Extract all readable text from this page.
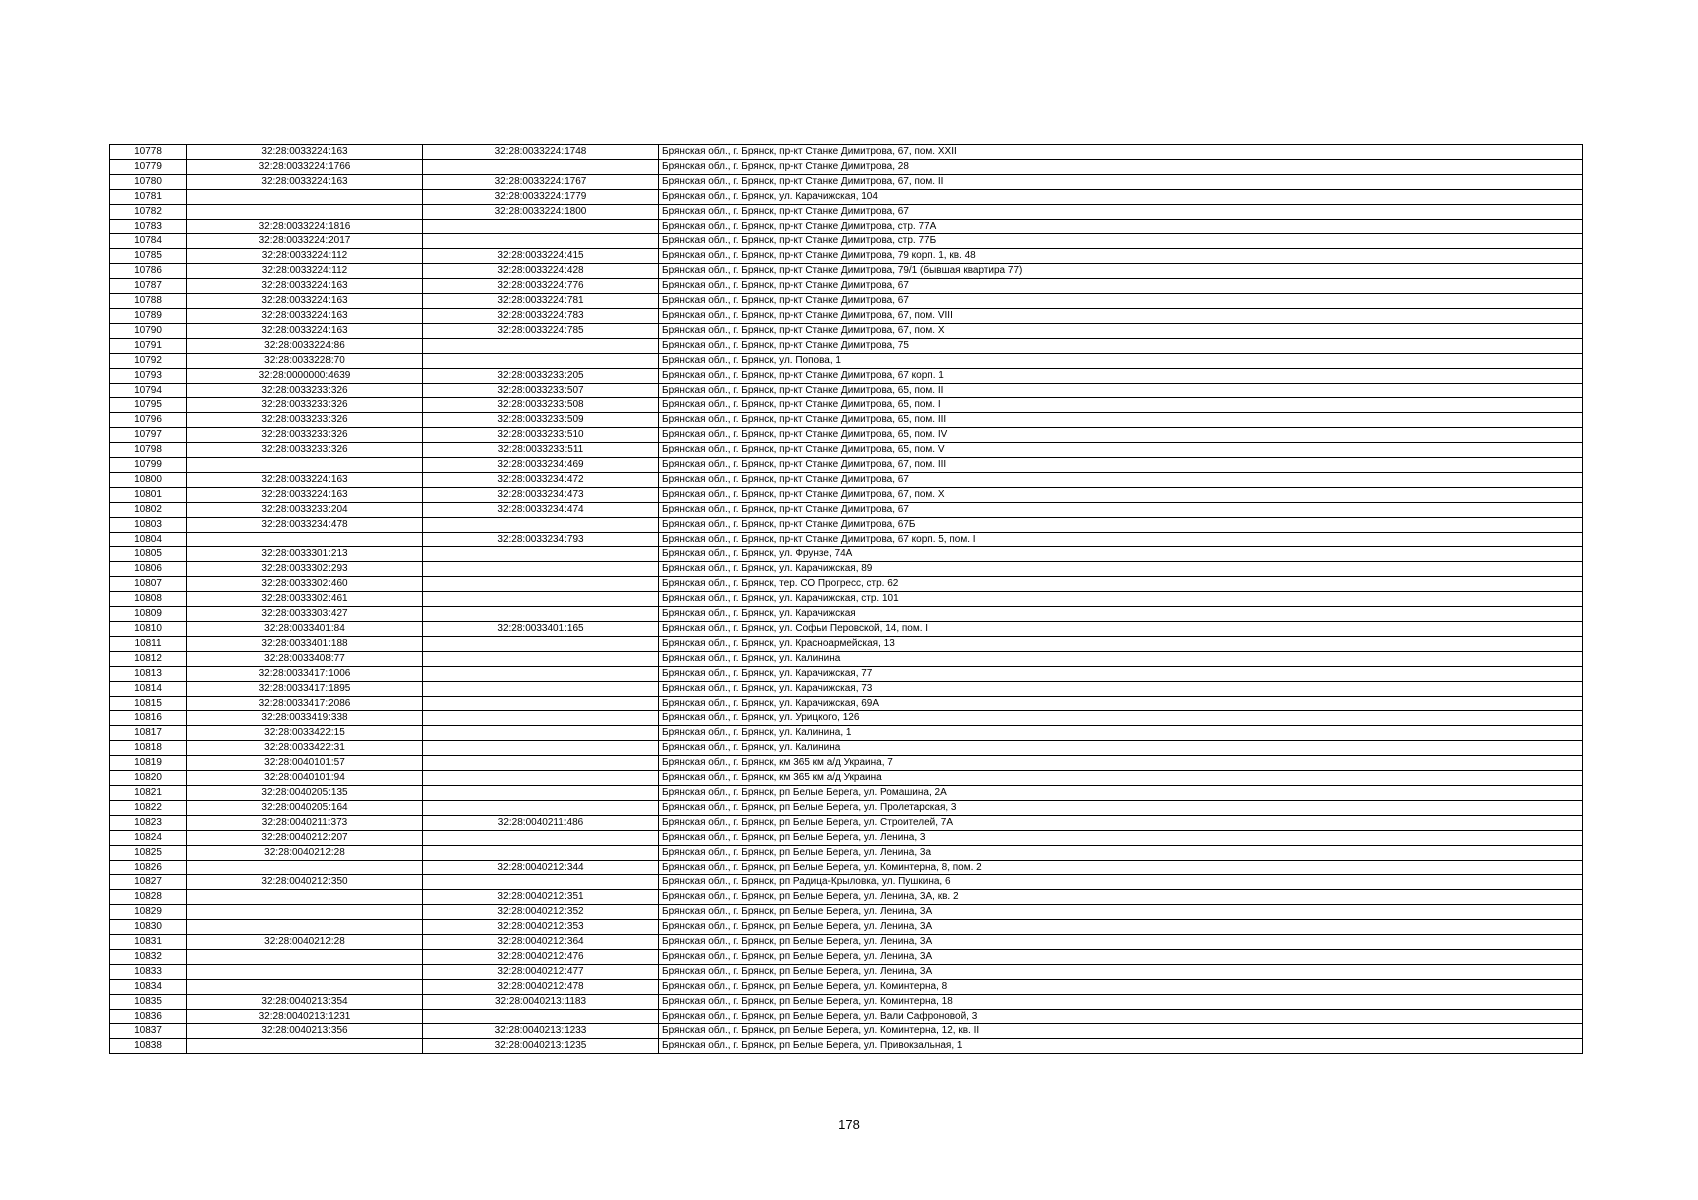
10778	32:28:0033224:163	32:28:0033224:1748	Брянская обл., г. Брянск, пр-кт Станке Димитрова, 67, пом. XXII
10779	32:28:0033224:1766		Брянская обл., г. Брянск, пр-кт Станке Димитрова, 28
10780	32:28:0033224:163	32:28:0033224:1767	Брянская обл., г. Брянск, пр-кт Станке Димитрова, 67, пом. II
10781		32:28:0033224:1779	Брянская обл., г. Брянск, ул. Карачижская, 104
10782		32:28:0033224:1800	Брянская обл., г. Брянск, пр-кт Станке Димитрова, 67
10783	32:28:0033224:1816		Брянская обл., г. Брянск, пр-кт Станке Димитрова, стр. 77А
10784	32:28:0033224:2017		Брянская обл., г. Брянск, пр-кт Станке Димитрова, стр. 77Б
10785	32:28:0033224:112	32:28:0033224:415	Брянская обл., г. Брянск, пр-кт Станке Димитрова, 79 корп. 1, кв. 48
10786	32:28:0033224:112	32:28:0033224:428	Брянская обл., г. Брянск, пр-кт Станке Димитрова, 79/1 (бывшая квартира 77)
10787	32:28:0033224:163	32:28:0033224:776	Брянская обл., г. Брянск, пр-кт Станке Димитрова, 67
10788	32:28:0033224:163	32:28:0033224:781	Брянская обл., г. Брянск, пр-кт Станке Димитрова, 67
10789	32:28:0033224:163	32:28:0033224:783	Брянская обл., г. Брянск, пр-кт Станке Димитрова, 67, пом. VIII
10790	32:28:0033224:163	32:28:0033224:785	Брянская обл., г. Брянск, пр-кт Станке Димитрова, 67, пом. X
10791	32:28:0033224:86		Брянская обл., г. Брянск, пр-кт Станке Димитрова, 75
10792	32:28:0033228:70		Брянская обл., г. Брянск, ул. Попова, 1
10793	32:28:0000000:4639	32:28:0033233:205	Брянская обл., г. Брянск, пр-кт Станке Димитрова, 67 корп. 1
10794	32:28:0033233:326	32:28:0033233:507	Брянская обл., г. Брянск, пр-кт Станке Димитрова, 65, пом. II
10795	32:28:0033233:326	32:28:0033233:508	Брянская обл., г. Брянск, пр-кт Станке Димитрова, 65, пом. I
10796	32:28:0033233:326	32:28:0033233:509	Брянская обл., г. Брянск, пр-кт Станке Димитрова, 65, пом. III
10797	32:28:0033233:326	32:28:0033233:510	Брянская обл., г. Брянск, пр-кт Станке Димитрова, 65, пом. IV
10798	32:28:0033233:326	32:28:0033233:511	Брянская обл., г. Брянск, пр-кт Станке Димитрова, 65, пом. V
10799		32:28:0033234:469	Брянская обл., г. Брянск, пр-кт Станке Димитрова, 67, пом. III
10800	32:28:0033224:163	32:28:0033234:472	Брянская обл., г. Брянск, пр-кт Станке Димитрова, 67
10801	32:28:0033224:163	32:28:0033234:473	Брянская обл., г. Брянск, пр-кт Станке Димитрова, 67, пом. X
10802	32:28:0033233:204	32:28:0033234:474	Брянская обл., г. Брянск, пр-кт Станке Димитрова, 67
10803	32:28:0033234:478		Брянская обл., г. Брянск, пр-кт Станке Димитрова, 67Б
10804		32:28:0033234:793	Брянская обл., г. Брянск, пр-кт Станке Димитрова, 67 корп. 5, пом. I
10805	32:28:0033301:213		Брянская обл., г. Брянск, ул. Фрунзе, 74А
10806	32:28:0033302:293		Брянская обл., г. Брянск, ул. Карачижская, 89
10807	32:28:0033302:460		Брянская обл., г. Брянск, тер. СО Прогресс, стр. 62
10808	32:28:0033302:461		Брянская обл., г. Брянск, ул. Карачижская, стр. 101
10809	32:28:0033303:427		Брянская обл., г. Брянск, ул. Карачижская
10810	32:28:0033401:84	32:28:0033401:165	Брянская обл., г. Брянск, ул. Софьи Перовской, 14, пом. I
10811	32:28:0033401:188		Брянская обл., г. Брянск, ул. Красноармейская, 13
10812	32:28:0033408:77		Брянская обл., г. Брянск, ул. Калинина
10813	32:28:0033417:1006		Брянская обл., г. Брянск, ул. Карачижская, 77
10814	32:28:0033417:1895		Брянская обл., г. Брянск, ул. Карачижская, 73
10815	32:28:0033417:2086		Брянская обл., г. Брянск, ул. Карачижская, 69А
10816	32:28:0033419:338		Брянская обл., г. Брянск, ул. Урицкого, 126
10817	32:28:0033422:15		Брянская обл., г. Брянск, ул. Калинина, 1
10818	32:28:0033422:31		Брянская обл., г. Брянск, ул. Калинина
10819	32:28:0040101:57		Брянская обл., г. Брянск, км 365 км а/д Украина, 7
10820	32:28:0040101:94		Брянская обл., г. Брянск, км 365 км а/д Украина
10821	32:28:0040205:135		Брянская обл., г. Брянск, рп Белые Берега, ул. Ромашина, 2А
10822	32:28:0040205:164		Брянская обл., г. Брянск, рп Белые Берега, ул. Пролетарская, 3
10823	32:28:0040211:373	32:28:0040211:486	Брянская обл., г. Брянск, рп Белые Берега, ул. Строителей, 7А
10824	32:28:0040212:207		Брянская обл., г. Брянск, рп Белые Берега, ул. Ленина, 3
10825	32:28:0040212:28		Брянская обл., г. Брянск, рп Белые Берега, ул. Ленина, 3а
10826		32:28:0040212:344	Брянская обл., г. Брянск, рп Белые Берега, ул. Коминтерна, 8, пом. 2
10827	32:28:0040212:350		Брянская обл., г. Брянск, рп Радица-Крыловка, ул. Пушкина, 6
10828		32:28:0040212:351	Брянская обл., г. Брянск, рп Белые Берега, ул. Ленина, 3А, кв. 2
10829		32:28:0040212:352	Брянская обл., г. Брянск, рп Белые Берега, ул. Ленина, 3А
10830		32:28:0040212:353	Брянская обл., г. Брянск, рп Белые Берега, ул. Ленина, 3А
10831	32:28:0040212:28	32:28:0040212:364	Брянская обл., г. Брянск, рп Белые Берега, ул. Ленина, 3А
10832		32:28:0040212:476	Брянская обл., г. Брянск, рп Белые Берега, ул. Ленина, 3А
10833		32:28:0040212:477	Брянская обл., г. Брянск, рп Белые Берега, ул. Ленина, 3А
10834		32:28:0040212:478	Брянская обл., г. Брянск, рп Белые Берега, ул. Коминтерна, 8
10835	32:28:0040213:354	32:28:0040213:1183	Брянская обл., г. Брянск, рп Белые Берега, ул. Коминтерна, 18
10836	32:28:0040213:1231		Брянская обл., г. Брянск, рп Белые Берега, ул. Вали Сафроновой, 3
10837	32:28:0040213:356	32:28:0040213:1233	Брянская обл., г. Брянск, рп Белые Берега, ул. Коминтерна, 12, кв. II
10838		32:28:0040213:1235	Брянская обл., г. Брянск, рп Белые Берега, ул. Привокзальная, 1
178
